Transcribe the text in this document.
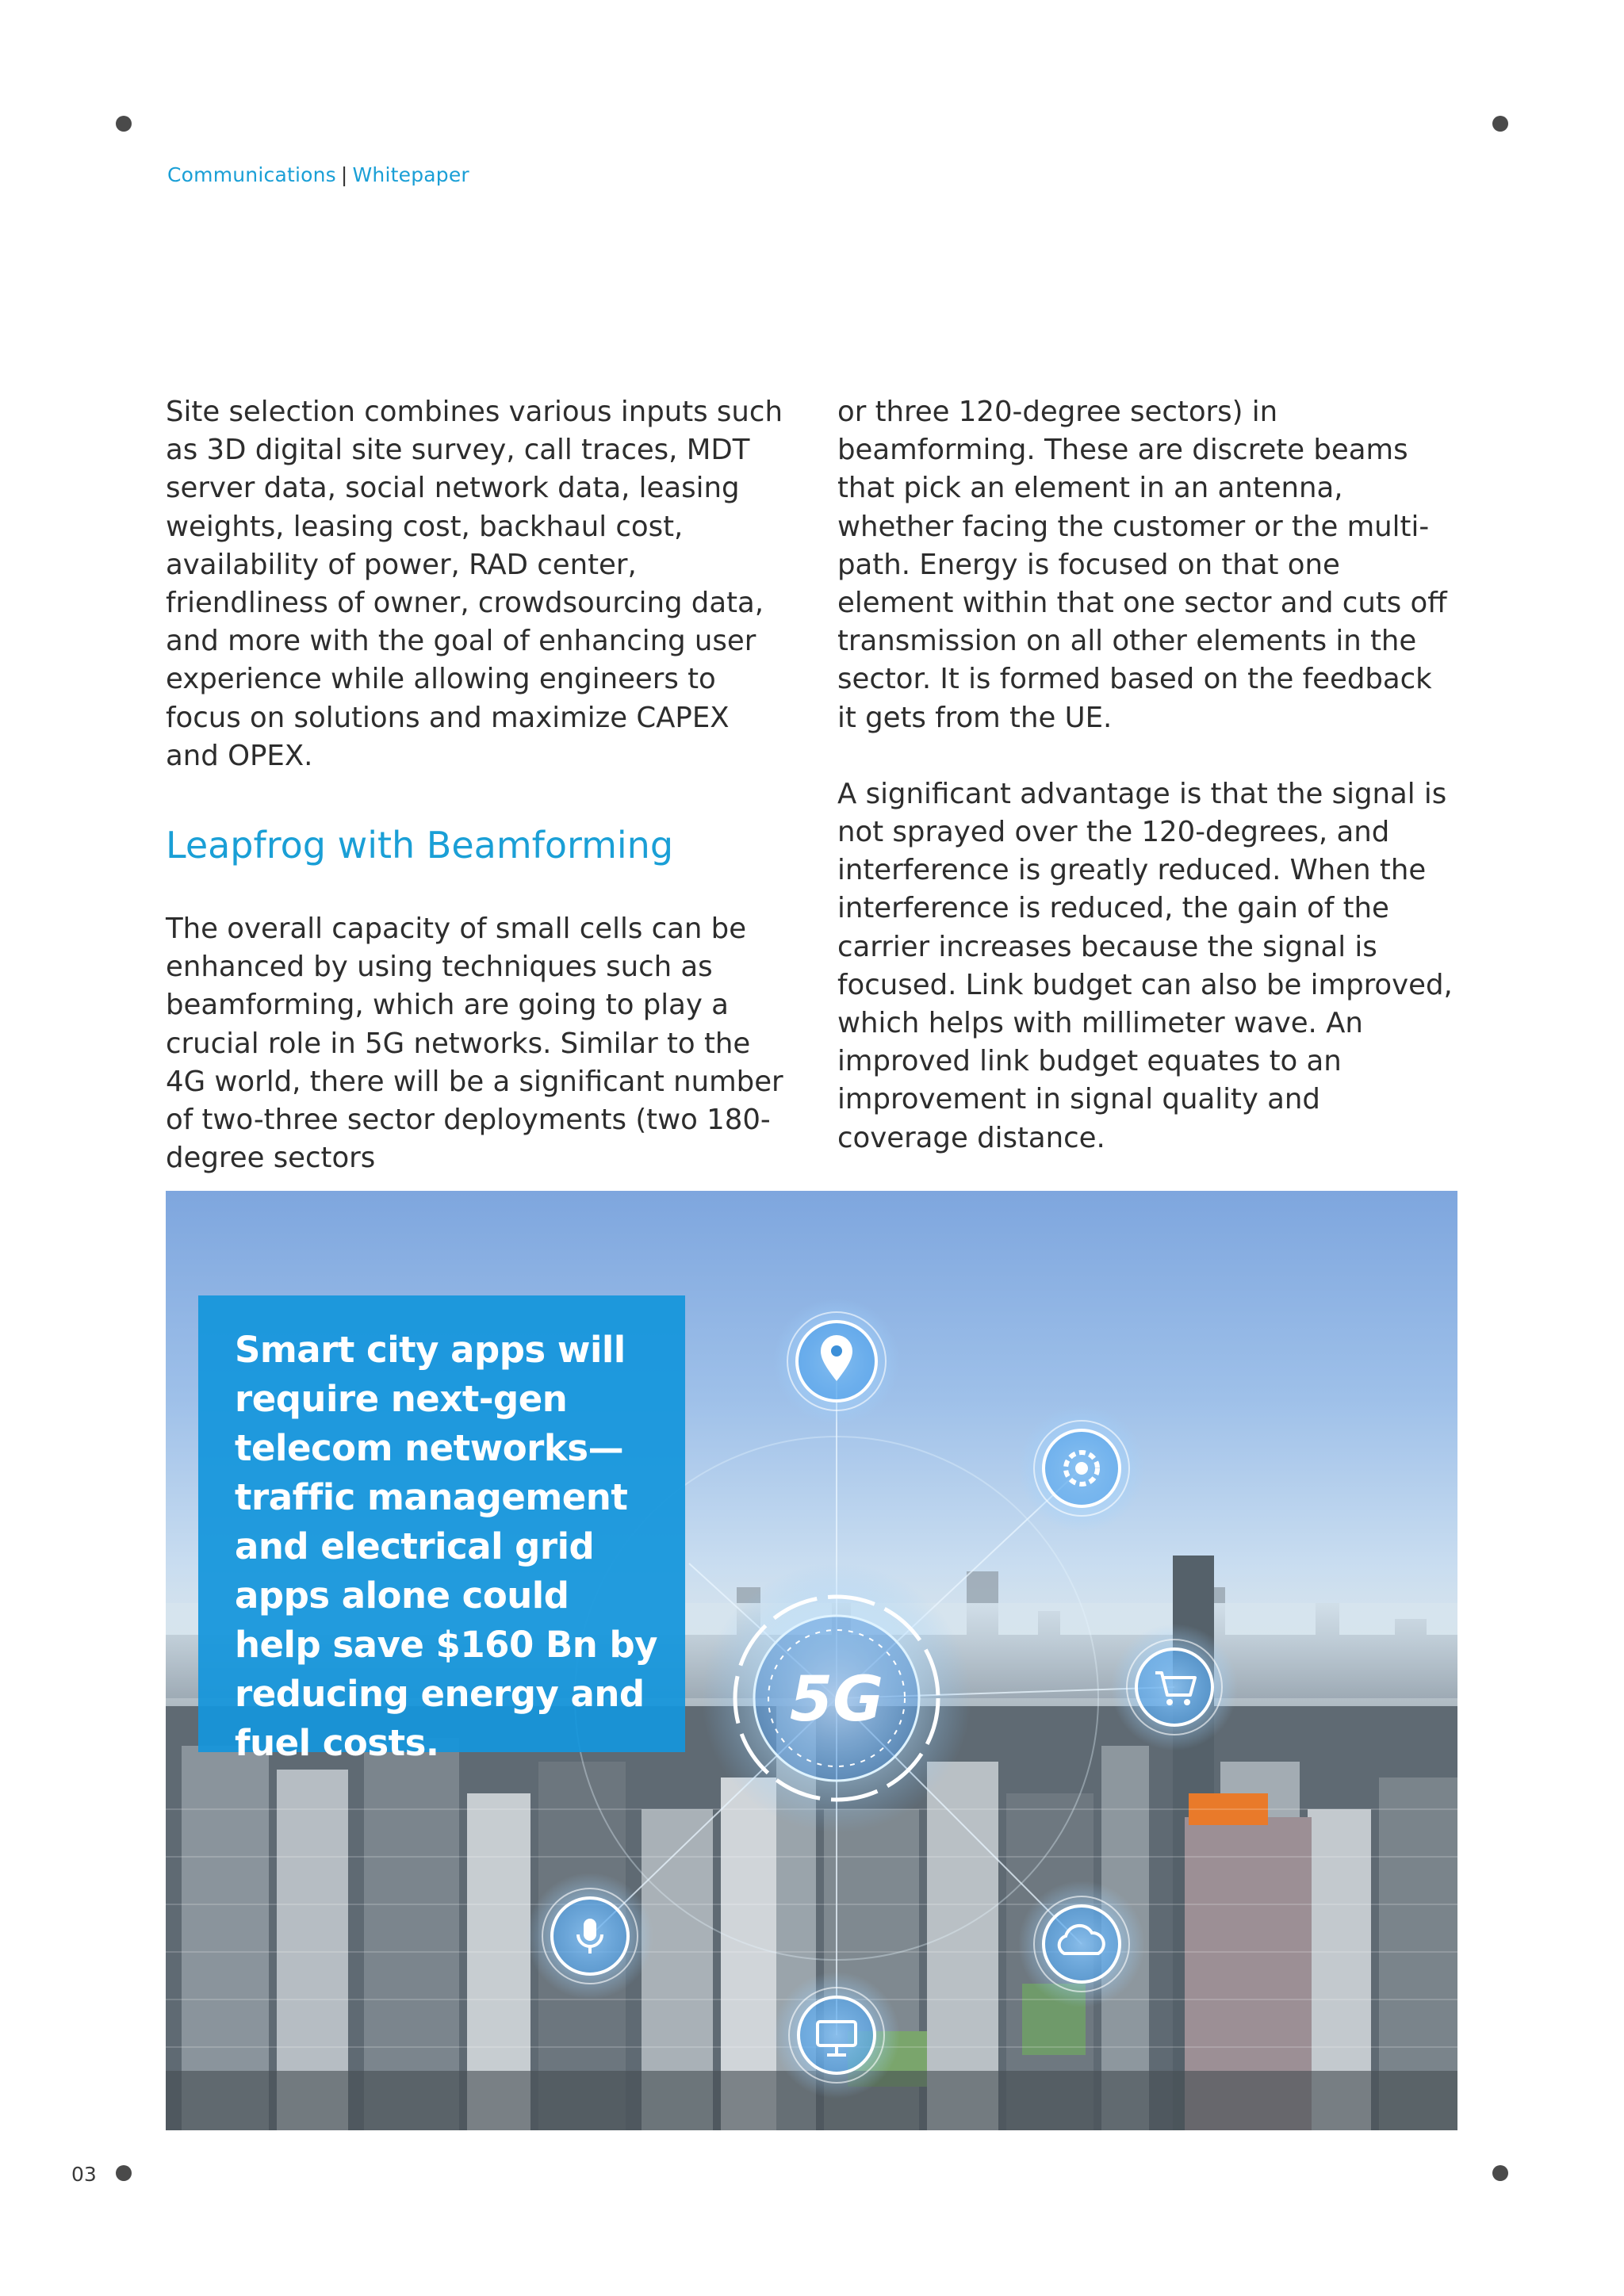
Communications | Whitepaper

Site selection combines various inputs such as 3D digital site survey, call traces, MDT server data, social network data, leasing weights, leasing cost, backhaul cost, availability of power, RAD center, friendliness of owner, crowdsourcing data, and more with the goal of enhancing user experience while allowing engineers to focus on solutions and maximize CAPEX and OPEX.

Leapfrog with Beamforming

The overall capacity of small cells can be enhanced by using techniques such as beamforming, which are going to play a crucial role in 5G networks. Similar to the 4G world, there will be a significant number of two-three sector deployments (two 180-degree sectors

or three 120-degree sectors) in beamforming. These are discrete beams that pick an element in an antenna, whether facing the customer or the multi-path. Energy is focused on that one element within that one sector and cuts off transmission on all other elements in the sector. It is formed based on the feedback it gets from the UE.

A significant advantage is that the signal is not sprayed over the 120-degrees, and interference is greatly reduced. When the interference is reduced, the gain of the carrier increases because the signal is focused. Link budget can also be improved, which helps with millimeter wave. An improved link budget equates to an improvement in signal quality and coverage distance.

5G
Smart city apps will require next-gen telecom networks— traffic management and electrical grid apps alone could help save $160 Bn by reducing energy and fuel costs.
03
